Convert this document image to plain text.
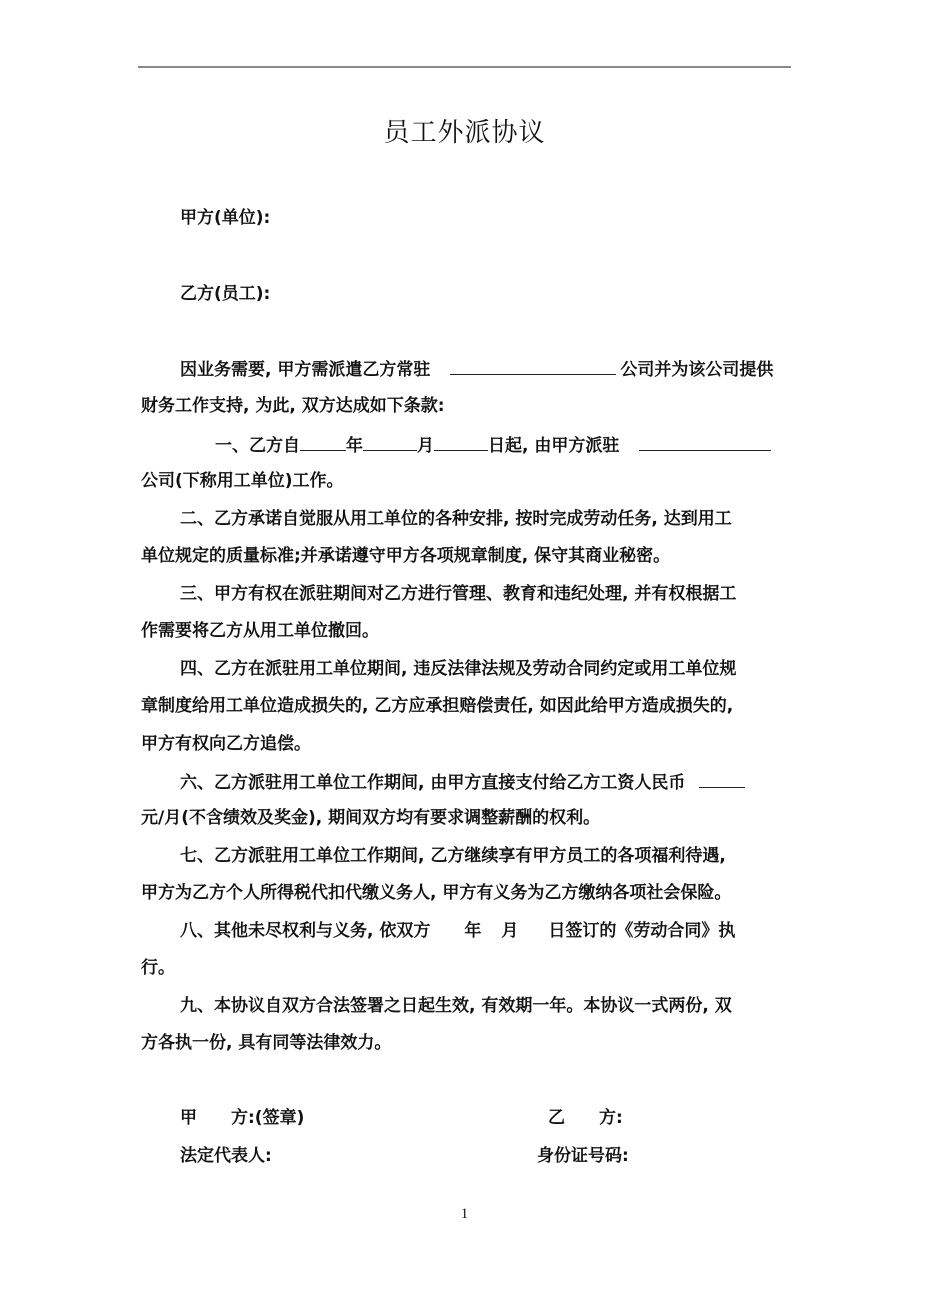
员工外派协议
甲方(单位):
乙方(员工):
因业务需要, 甲方需派遣乙方常驻	公司并为该公司提供
财务工作支持, 为此, 双方达成如下条款:
一、乙方自	年	月	日起, 由甲方派驻
公司(下称用工单位)工作。
二、乙方承诺自觉服从用工单位的各种安排, 按时完成劳动任务, 达到用工
单位规定的质量标准;并承诺遵守甲方各项规章制度, 保守其商业秘密。
三、甲方有权在派驻期间对乙方进行管理、教育和违纪处理, 并有权根据工
作需要将乙方从用工单位撤回。
四、乙方在派驻用工单位期间, 违反法律法规及劳动合同约定或用工单位规
章制度给用工单位造成损失的, 乙方应承担赔偿责任, 如因此给甲方造成损失的,
甲方有权向乙方追偿。
六、乙方派驻用工单位工作期间, 由甲方直接支付给乙方工资人民币
元/月(不含绩效及奖金), 期间双方均有要求调整薪酬的权利。
七、乙方派驻用工单位工作期间, 乙方继续享有甲方员工的各项福利待遇,
甲方为乙方个人所得税代扣代缴义务人, 甲方有义务为乙方缴纳各项社会保险。
八、其他未尽权利与义务, 依双方 年 月 日签订的《劳动合同》执
行。
九、本协议自双方合法签署之日起生效, 有效期一年。本协议一式两份, 双
方各执一份, 具有同等法律效力。
甲　　方:(签章)	乙　　方:
法定代表人:	身份证号码:
1
